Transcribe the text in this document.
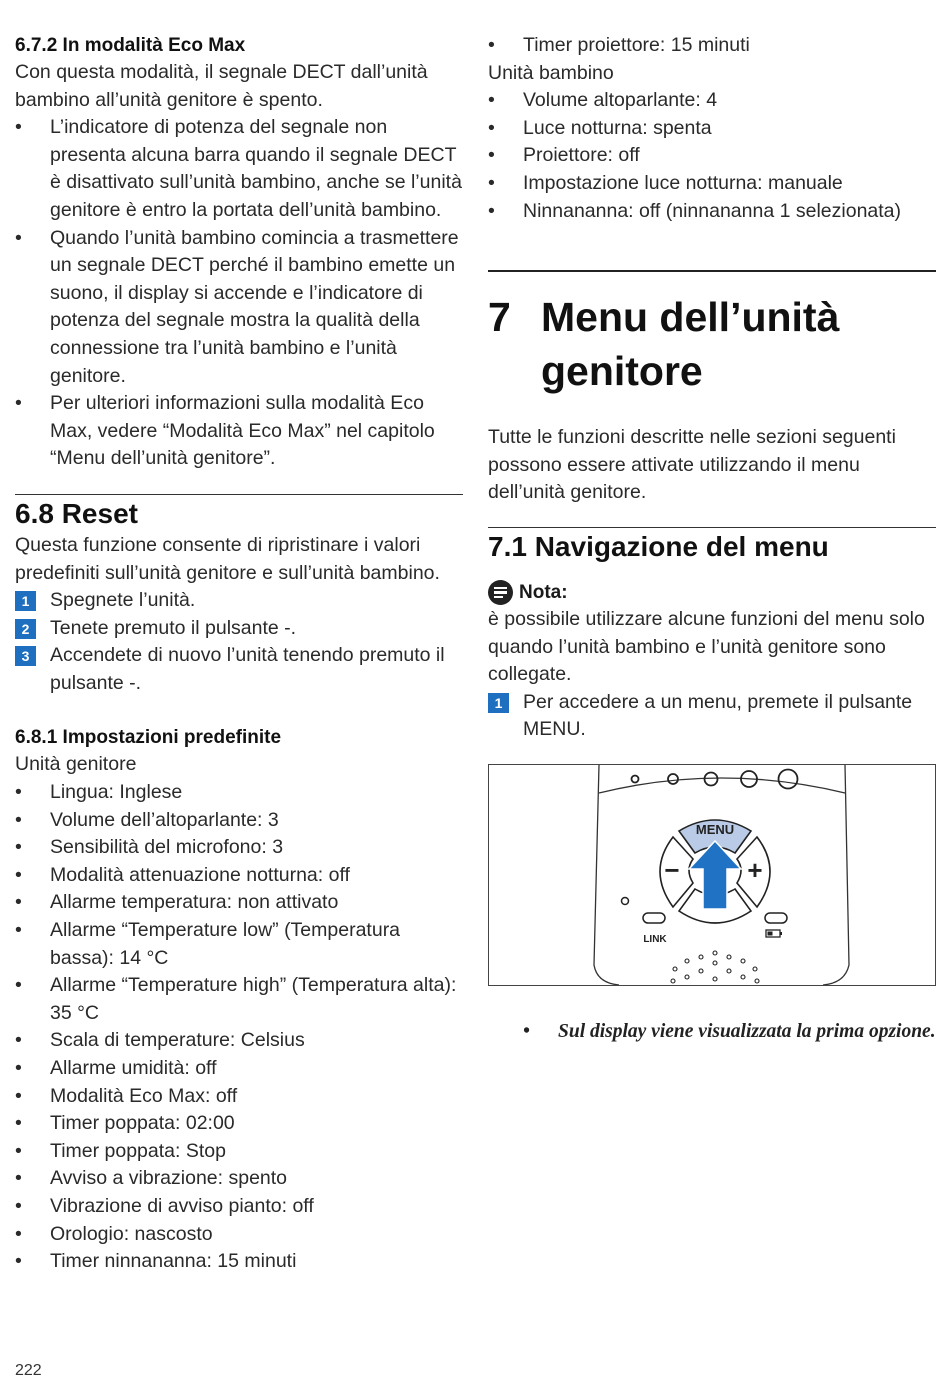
6.7.2 In modalità Eco Max

Con questa modalità, il segnale DECT dall’unità bambino all’unità genitore è spento.

• L’indicatore di potenza del segnale non presenta alcuna barra quando il segnale DECT è disattivato sull’unità bambino, anche se l’unità genitore è entro la portata dell’unità bambino.
• Quando l’unità bambino comincia a trasmettere un segnale DECT perché il bambino emette un suono, il display si accende e l’indicatore di potenza del segnale mostra la qualità della connessione tra l’unità bambino e l’unità genitore.
• Per ulteriori informazioni sulla modalità Eco Max, vedere “Modalità Eco Max” nel capitolo “Menu dell’unità genitore”.
6.8 Reset

Questa funzione consente di ripristinare i valori predefiniti sull’unità genitore e sull’unità bambino.

1	Spegnete l’unità.
2	Tenete premuto il pulsante -.
3	Accendete di nuovo l’unità tenendo premuto il pulsante -.
6.8.1 Impostazioni predefinite

Unità genitore

• Lingua: Inglese
• Volume dell’altoparlante: 3
• Sensibilità del microfono: 3
• Modalità attenuazione notturna: off
• Allarme temperatura: non attivato
• Allarme “Temperature low” (Temperatura bassa): 14 °C
• Allarme “Temperature high” (Temperatura alta): 35 °C
• Scala di temperature: Celsius
• Allarme umidità: off
• Modalità Eco Max: off
• Timer poppata: 02:00
• Timer poppata: Stop
• Avviso a vibrazione: spento
• Vibrazione di avviso pianto: off
• Orologio: nascosto
• Timer ninnananna: 15 minuti
• Timer proiettore: 15 minuti

Unità bambino

• Volume altoparlante: 4
• Luce notturna: spenta
• Proiettore: off
• Impostazione luce notturna: manuale
• Ninnananna: off (ninnananna 1 selezionata)
7 Menu dell’unità genitore

Tutte le funzioni descritte nelle sezioni seguenti possono essere attivate utilizzando il menu dell’unità genitore.

7.1 Navigazione del menu
Nota:

è possibile utilizzare alcune funzioni del menu solo quando l’unità bambino e l’unità genitore sono collegate.

1	Per accedere a un menu, premete il pulsante MENU.
MENU
−	+
LINK
• Sul display viene visualizzata la prima opzione.
222
